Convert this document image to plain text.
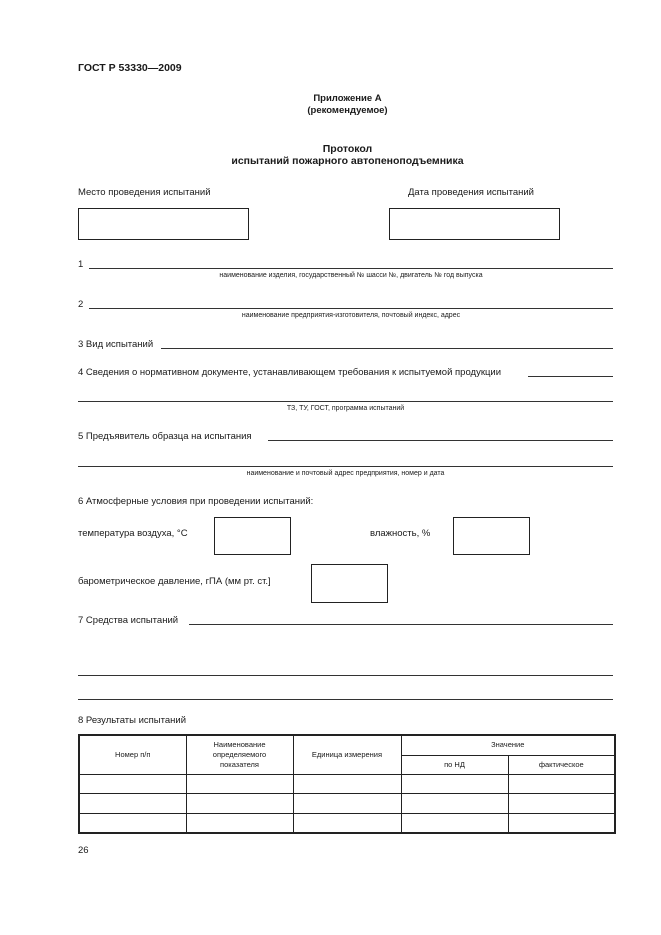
ГОСТ Р 53330—2009
Приложение А
(рекомендуемое)
Протокол
испытаний пожарного автопеноподъемника
Место проведения испытаний	Дата проведения испытаний
1
наименование изделия, государственный № шасси №, двигатель № год выпуска
2
наименование предприятия-изготовителя, почтовый индекс, адрес
3 Вид испытаний
4 Сведения о нормативном документе, устанавливающем требования к испытуемой продукции
ТЗ, ТУ, ГОСТ, программа испытаний
5 Предъявитель образца на испытания
наименование и почтовый адрес предприятия, номер и дата
6 Атмосферные условия при проведении испытаний:
температура воздуха, °С	влажность, %
барометрическое давление, гПА (мм рт. ст.]
7 Средства испытаний
8 Результаты испытаний
Номер п/п	Наименование определяемого показателя	Единица измерения	Значение	
			по НД	фактическое

26
